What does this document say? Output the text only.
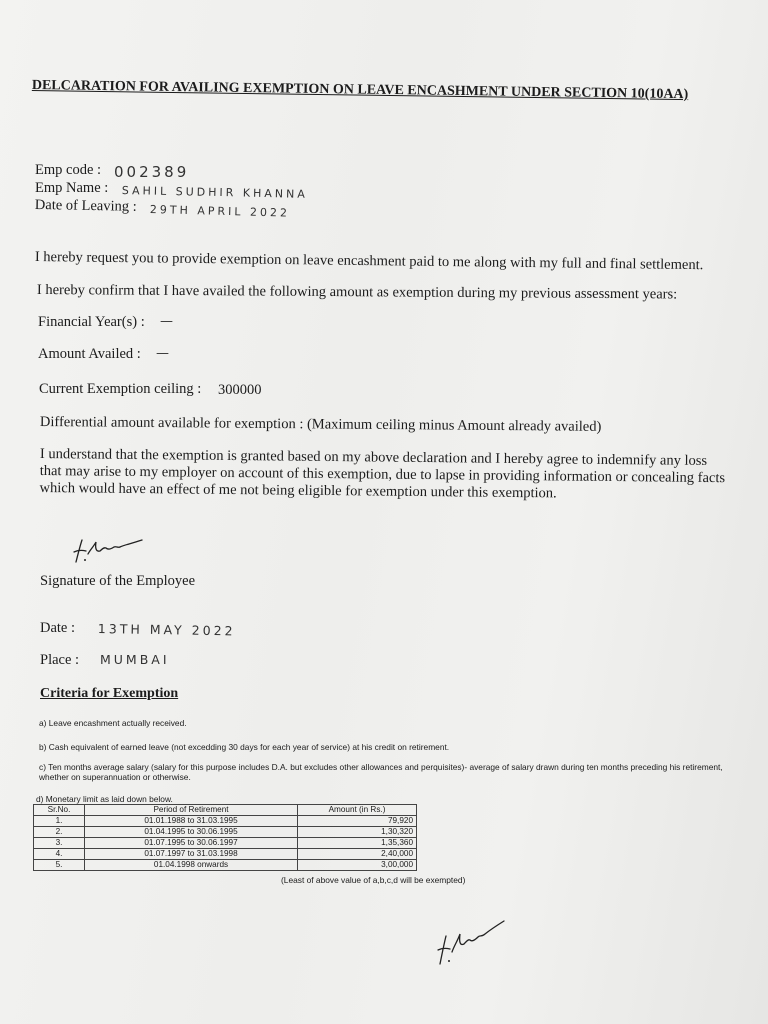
DELCARATION FOR AVAILING EXEMPTION ON LEAVE ENCASHMENT UNDER SECTION 10(10AA)
Emp code : 002389
Emp Name : SAHIL SUDHIR KHANNA
Date of Leaving : 29TH APRIL 2022
I hereby request you to provide exemption on leave encashment paid to me along with my full and final settlement.
I hereby confirm that I have availed the following amount as exemption during my previous assessment years:
Financial Year(s) : —
Amount Availed : —
Current Exemption ceiling : 300000
Differential amount available for exemption : (Maximum ceiling minus Amount already availed)
I understand that the exemption is granted based on my above declaration and I hereby agree to indemnify any loss that may arise to my employer on account of this exemption, due to lapse in providing information or concealing facts which would have an effect of me not being eligible for exemption under this exemption.
Signature of the Employee
Date : 13TH MAY 2022
Place : MUMBAI
Criteria for Exemption
a) Leave encashment actually received.
b) Cash equivalent of earned leave (not excedding 30 days for each year of service) at his credit on retirement.
c) Ten months average salary (salary for this purpose includes D.A. but excludes other allowances and perquisites)- average of salary drawn during ten months preceding his retirement, whether on superannuation or otherwise.
d) Monetary limit as laid down below.
Sr.No.	Period of Retirement	Amount (in Rs.)
1.	01.01.1988 to 31.03.1995	79,920
2.	01.04.1995 to 30.06.1995	1,30,320
3.	01.07.1995 to 30.06.1997	1,35,360
4.	01.07.1997 to 31.03.1998	2,40,000
5.	01.04.1998 onwards	3,00,000
(Least of above value of a,b,c,d will be exempted)
